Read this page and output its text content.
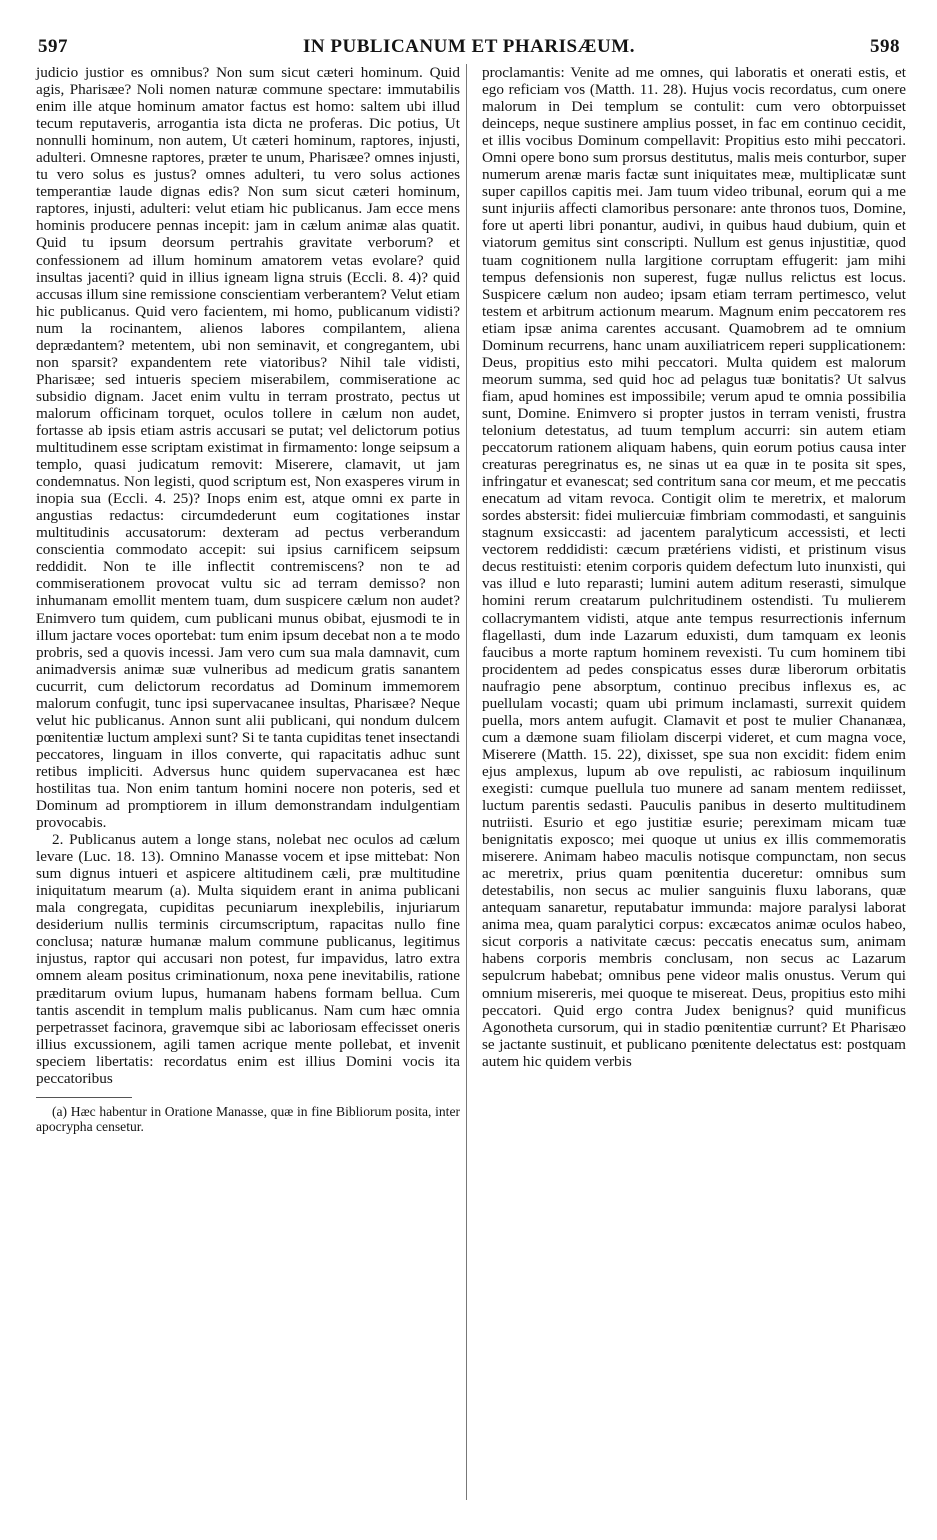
597	IN PUBLICANUM ET PHARISÆUM.	598

judicio justior es omnibus? Non sum sicut cæteri hominum. Quid agis, Pharisæe? Noli nomen naturæ commune spectare: immutabilis enim ille atque hominum amator factus est homo: saltem ubi illud tecum reputaveris, arrogantia ista dicta ne proferas. Dic potius, Ut nonnulli hominum, non autem, Ut cæteri hominum, raptores, injusti, adulteri. Omnesne raptores, præter te unum, Pharisæe? omnes injusti, tu vero solus es justus? omnes adulteri, tu vero solus actiones temperantiæ laude dignas edis? Non sum sicut cæteri hominum, raptores, injusti, adulteri: velut etiam hic publicanus. Jam ecce mens hominis producere pennas incepit: jam in cælum animæ alas quatit. Quid tu ipsum deorsum pertrahis gravitate verborum? et confessionem ad illum hominum amatorem vetas evolare? quid insultas jacenti? quid in illius igneam ligna struis (Eccli. 8. 4)? quid accusas illum sine remissione conscientiam verberantem? Velut etiam hic publicanus. Quid vero facientem, mi homo, publicanum vidisti? num la rocinantem, alienos labores compilantem, aliena deprædantem? metentem, ubi non seminavit, et congregantem, ubi non sparsit? expandentem rete viatoribus? Nihil tale vidisti, Pharisæe; sed intueris speciem miserabilem, commiseratione ac subsidio dignam. Jacet enim vultu in terram prostrato, pectus ut malorum officinam torquet, oculos tollere in cælum non audet, fortasse ab ipsis etiam astris accusari se putat; vel delictorum potius multitudinem esse scriptam existimat in firmamento: longe seipsum a templo, quasi judicatum removit: Miserere, clamavit, ut jam condemnatus. Non legisti, quod scriptum est, Non exasperes virum in inopia sua (Eccli. 4. 25)? Inops enim est, atque omni ex parte in angustias redactus: circumdederunt eum cogitationes instar multitudinis accusatorum: dexteram ad pectus verberandum conscientia commodato accepit: sui ipsius carnificem seipsum reddidit. Non te ille inflectit contremiscens? non te ad commiserationem provocat vultu sic ad terram demisso? non inhumanam emollit mentem tuam, dum suspicere cælum non audet? Enimvero tum quidem, cum publicani munus obibat, ejusmodi te in illum jactare voces oportebat: tum enim ipsum decebat non a te modo probris, sed a quovis incessi. Jam vero cum sua mala damnavit, cum animadversis animæ suæ vulneribus ad medicum gratis sanantem cucurrit, cum delictorum recordatus ad Dominum immemorem malorum confugit, tunc ipsi supervacaneе insultas, Pharisæe? Neque velut hic publicanus. Annon sunt alii publicani, qui nondum dulcem pœnitentiæ luctum amplexi sunt? Si te tanta cupiditas tenet insectandi peccatores, linguam in illos converte, qui rapacitatis adhuc sunt retibus impliciti. Adversus hunc quidem supervacanea est hæc hostilitas tua. Non enim tantum homini nocere non poteris, sed et Dominum ad promptiorem in illum demonstrandam indulgentiam provocabis.

2. Publicanus autem a longe stans, nolebat nec oculos ad cælum levare (Luc. 18. 13). Omnino Manasse vocem et ipse mittebat: Non sum dignus intueri et aspicere altitudinem cæli, præ multitudine iniquitatum mearum (a). Multa siquidem erant in anima publicani mala congregata, cupiditas pecuniarum inexplebilis, injuriarum desiderium nullis terminis circumscriptum, rapacitas nullo fine conclusa; naturæ humanæ malum commune publicanus, legitimus injustus, raptor qui accusari non potest, fur impavidus, latro extra omnem aleam positus criminationum, noxa pene inevitabilis, ratione præditarum ovium lupus, humanam habens formam bellua. Cum tantis ascendit in templum malis publicanus. Nam cum hæc omnia perpetrasset facinora, gravemque sibi ac laboriosam effecisset oneris illius excussionem, agili tamen acrique mente pollebat, et invenit speciem libertatis: recordatus enim est illius Domini vocis ita peccatoribus

(a) Hæc habentur in Oratione Manasse, quæ in fine Bibliorum posita, inter apocrypha censetur.

proclamantis: Venite ad me omnes, qui laboratis et onerati estis, et ego reficiam vos (Matth. 11. 28). Hujus vocis recordatus, cum onere malorum in Dei templum se contulit: cum vero obtorpuisset deinceps, neque sustinere amplius posset, in fac em continuo cecidit, et illis vocibus Dominum compellavit: Propitius esto mihi peccatori. Omni opere bono sum prorsus destitutus, malis meis conturbor, super numerum arenæ maris factæ sunt iniquitates meæ, multiplicatæ sunt super capillos capitis mei. Jam tuum video tribunal, eorum qui a me sunt injuriis affecti clamoribus personare: ante thronos tuos, Domine, fore ut aperti libri ponantur, audivi, in quibus haud dubium, quin et viatorum gemitus sint conscripti. Nullum est genus injustitiæ, quod tuam cognitionem nulla largitione corruptam effugerit: jam mihi tempus defensionis non superest, fugæ nullus relictus est locus. Suspicere cælum non audeo; ipsam etiam terram pertimesco, velut testem et arbitrum actionum mearum. Magnum enim peccatorem res etiam ipsæ anima carentes accusant. Quamobrem ad te omnium Dominum recurrens, hanc unam auxiliatricem reperi supplicationem: Deus, propitius esto mihi peccatori. Multa quidem est malorum meorum summa, sed quid hoc ad pelagus tuæ bonitatis? Ut salvus fiam, apud homines est impossibile; verum apud te omnia possibilia sunt, Domine. Enimvero si propter justos in terram venisti, frustra telonium detestatus, ad tuum templum accurri: sin autem etiam peccatorum rationem aliquam habens, quin eorum potius causa inter creaturas peregrinatus es, ne sinas ut ea quæ in te posita sit spes, infringatur et evanescat; sed contritum sana cor meum, et me peccatis enecatum ad vitam revoca. Contigit olim te meretrix, et malorum sordes abstersit: fidei muliercuiæ fimbriam commodasti, et sanguinis stagnum exsiccasti: ad jacentem paralyticum accessisti, et lecti vectorem reddidisti: cæcum prætériens vidisti, et pristinum visus decus restituisti: etenim corporis quidem defectum luto inunxisti, qui vas illud e luto reparasti; lumini autem aditum reserasti, simulque homini rerum creatarum pulchritudinem ostendisti. Tu mulierem collacrymantem vidisti, atque ante tempus resurrectionis infernum flagellasti, dum inde Lazarum eduxisti, dum tamquam ex leonis faucibus a morte raptum hominem revexisti. Tu cum hominem tibi procidentem ad pedes conspicatus esses duræ liberorum orbitatis naufragio pene absorptum, continuo precibus inflexus es, ac puellulam vocasti; quam ubi primum inclamasti, surrexit quidem puella, mors antem aufugit. Clamavit et post te mulier Chananæa, cum a dæmone suam filiolam discerpi videret, et cum magna voce, Miserere (Matth. 15. 22), dixisset, spe sua non excidit: fidem enim ejus amplexus, lupum ab ove repulisti, ac rabiosum inquilinum exegisti: cumque puellula tuo munere ad sanam mentem rediisset, luctum parentis sedasti. Pauculis panibus in deserto multitudinem nutriisti. Esurio et ego justitiæ esurie; pereximam micam tuæ benignitatis exposco; mei quoque ut unius ex illis commemoratis miserere. Animam habeo maculis notisque compunctam, non secus ac meretrix, prius quam pœnitentia ducеretur: omnibus sum detestabilis, non secus ac mulier sanguinis fluxu laborans, quæ antequam sanaretur, reputabatur immunda: majore paralysi laborat anima mea, quam paralytici corpus: excæcatos animæ oculos habeo, sicut corporis a nativitate cæcus: peccatis enecatus sum, animam habens corporis membris conclusam, non secus ac Lazarum sepulcrum habebat; omnibus pene videor malis onustus. Verum qui omnium misereris, mei quoque te misereat. Deus, propitius esto mihi peccatori. Quid ergo contra Judex benignus? quid munificus Agonotheta cursorum, qui in stadio pœnitentiæ currunt? Et Pharisæo se jactante sustinuit, et publicano pœnitente delectatus est: postquam autem hic quidem verbis
